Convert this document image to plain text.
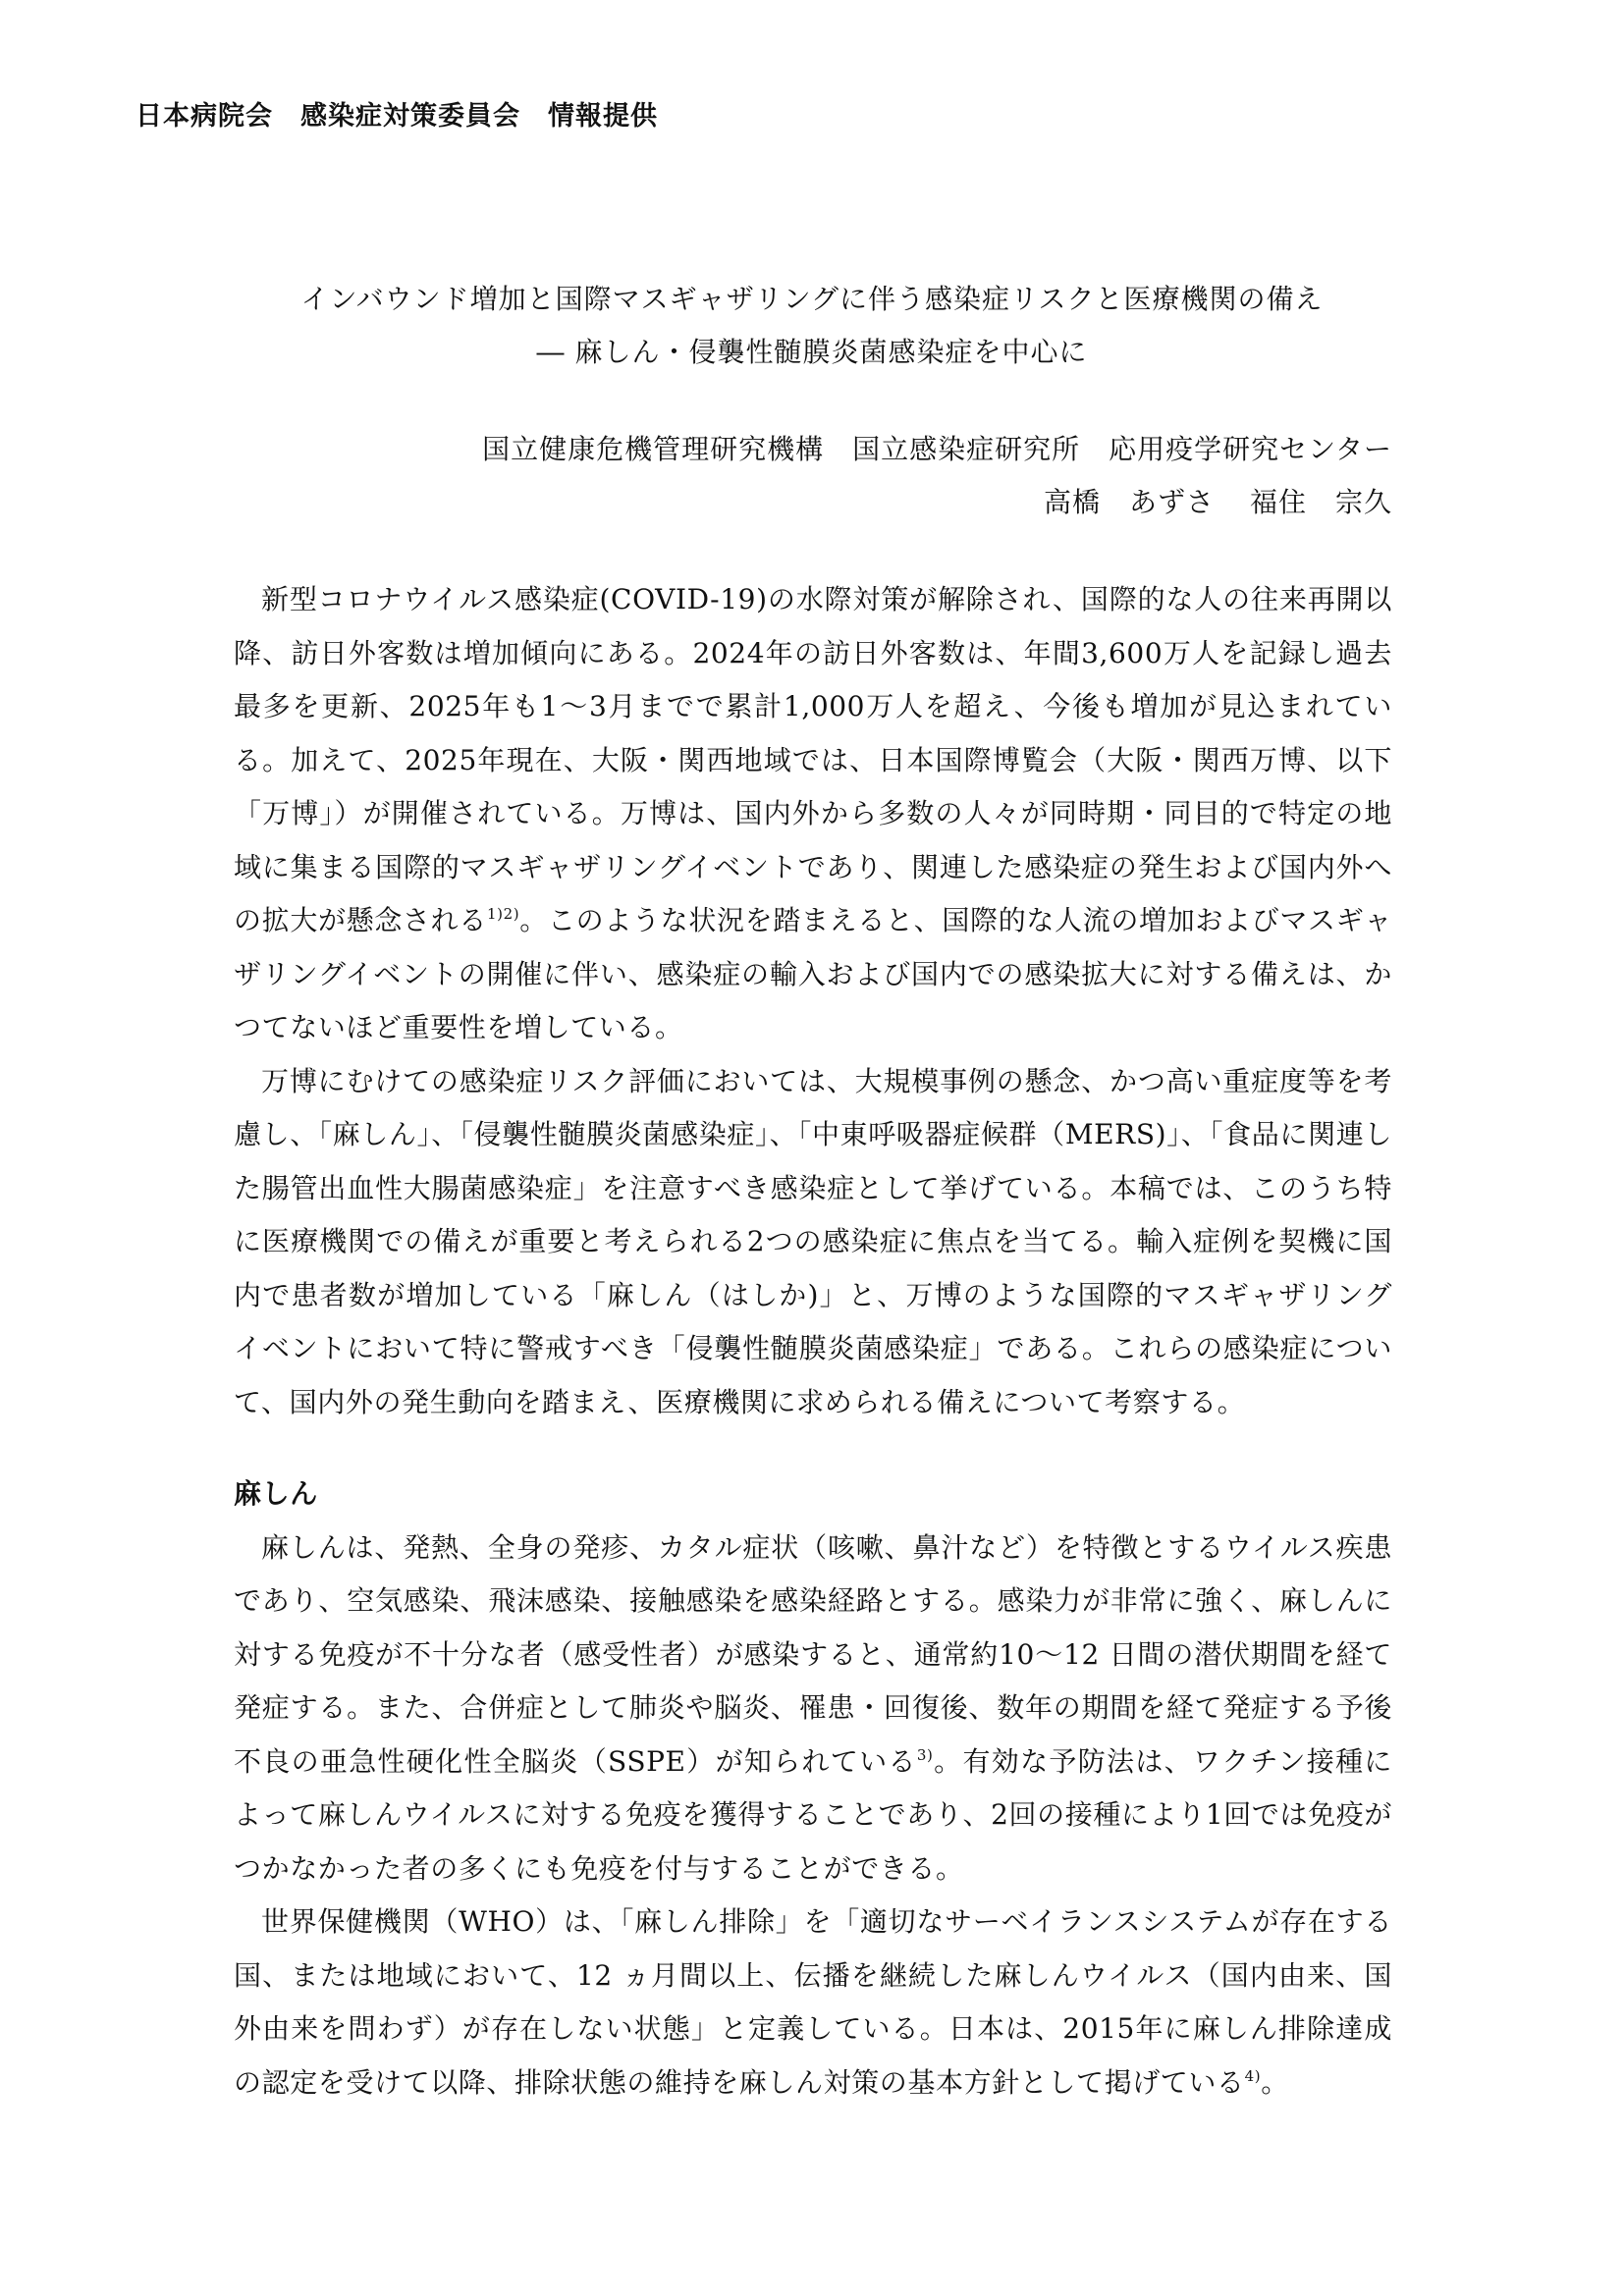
日本病院会　感染症対策委員会　情報提供
インバウンド増加と国際マスギャザリングに伴う感染症リスクと医療機関の備え
― 麻しん・侵襲性髄膜炎菌感染症を中心に
国立健康危機管理研究機構　国立感染症研究所　応用疫学研究センター
高橋　あずさ 福住　宗久

新型コロナウイルス感染症(COVID-19)の水際対策が解除され、国際的な人の往来再開以降、訪日外客数は増加傾向にある。2024年の訪日外客数は、年間3,600万人を記録し過去最多を更新、2025年も1～3月までで累計1,000万人を超え、今後も増加が見込まれている。加えて、2025年現在、大阪・関西地域では、日本国際博覧会（大阪・関西万博、以下「万博」）が開催されている。万博は、国内外から多数の人々が同時期・同目的で特定の地域に集まる国際的マスギャザリングイベントであり、関連した感染症の発生および国内外への拡大が懸念される$^{1)2)}$。このような状況を踏まえると、国際的な人流の増加およびマスギャザリングイベントの開催に伴い、感染症の輸入および国内での感染拡大に対する備えは、かつてないほど重要性を増している。

万博にむけての感染症リスク評価においては、大規模事例の懸念、かつ高い重症度等を考慮し、「麻しん」、「侵襲性髄膜炎菌感染症」、「中東呼吸器症候群（MERS)」、「食品に関連した腸管出血性大腸菌感染症」を注意すべき感染症として挙げている。本稿では、このうち特に医療機関での備えが重要と考えられる2つの感染症に焦点を当てる。輸入症例を契機に国内で患者数が増加している「麻しん（はしか)」と、万博のような国際的マスギャザリングイベントにおいて特に警戒すべき「侵襲性髄膜炎菌感染症」である。これらの感染症について、国内外の発生動向を踏まえ、医療機関に求められる備えについて考察する。

麻しん

麻しんは、発熱、全身の発疹、カタル症状（咳嗽、鼻汁など）を特徴とするウイルス疾患であり、空気感染、飛沫感染、接触感染を感染経路とする。感染力が非常に強く、麻しんに対する免疫が不十分な者（感受性者）が感染すると、通常約10～12 日間の潜伏期間を経て発症する。また、合併症として肺炎や脳炎、罹患・回復後、数年の期間を経て発症する予後不良の亜急性硬化性全脳炎（SSPE）が知られている$^{3)}$。有効な予防法は、ワクチン接種によって麻しんウイルスに対する免疫を獲得することであり、2回の接種により1回では免疫がつかなかった者の多くにも免疫を付与することができる。

世界保健機関（WHO）は、「麻しん排除」を「適切なサーベイランスシステムが存在する国、または地域において、12 ヵ月間以上、伝播を継続した麻しんウイルス（国内由来、国外由来を問わず）が存在しない状態」と定義している。日本は、2015年に麻しん排除達成の認定を受けて以降、排除状態の維持を麻しん対策の基本方針として掲げている$^{4)}$。
